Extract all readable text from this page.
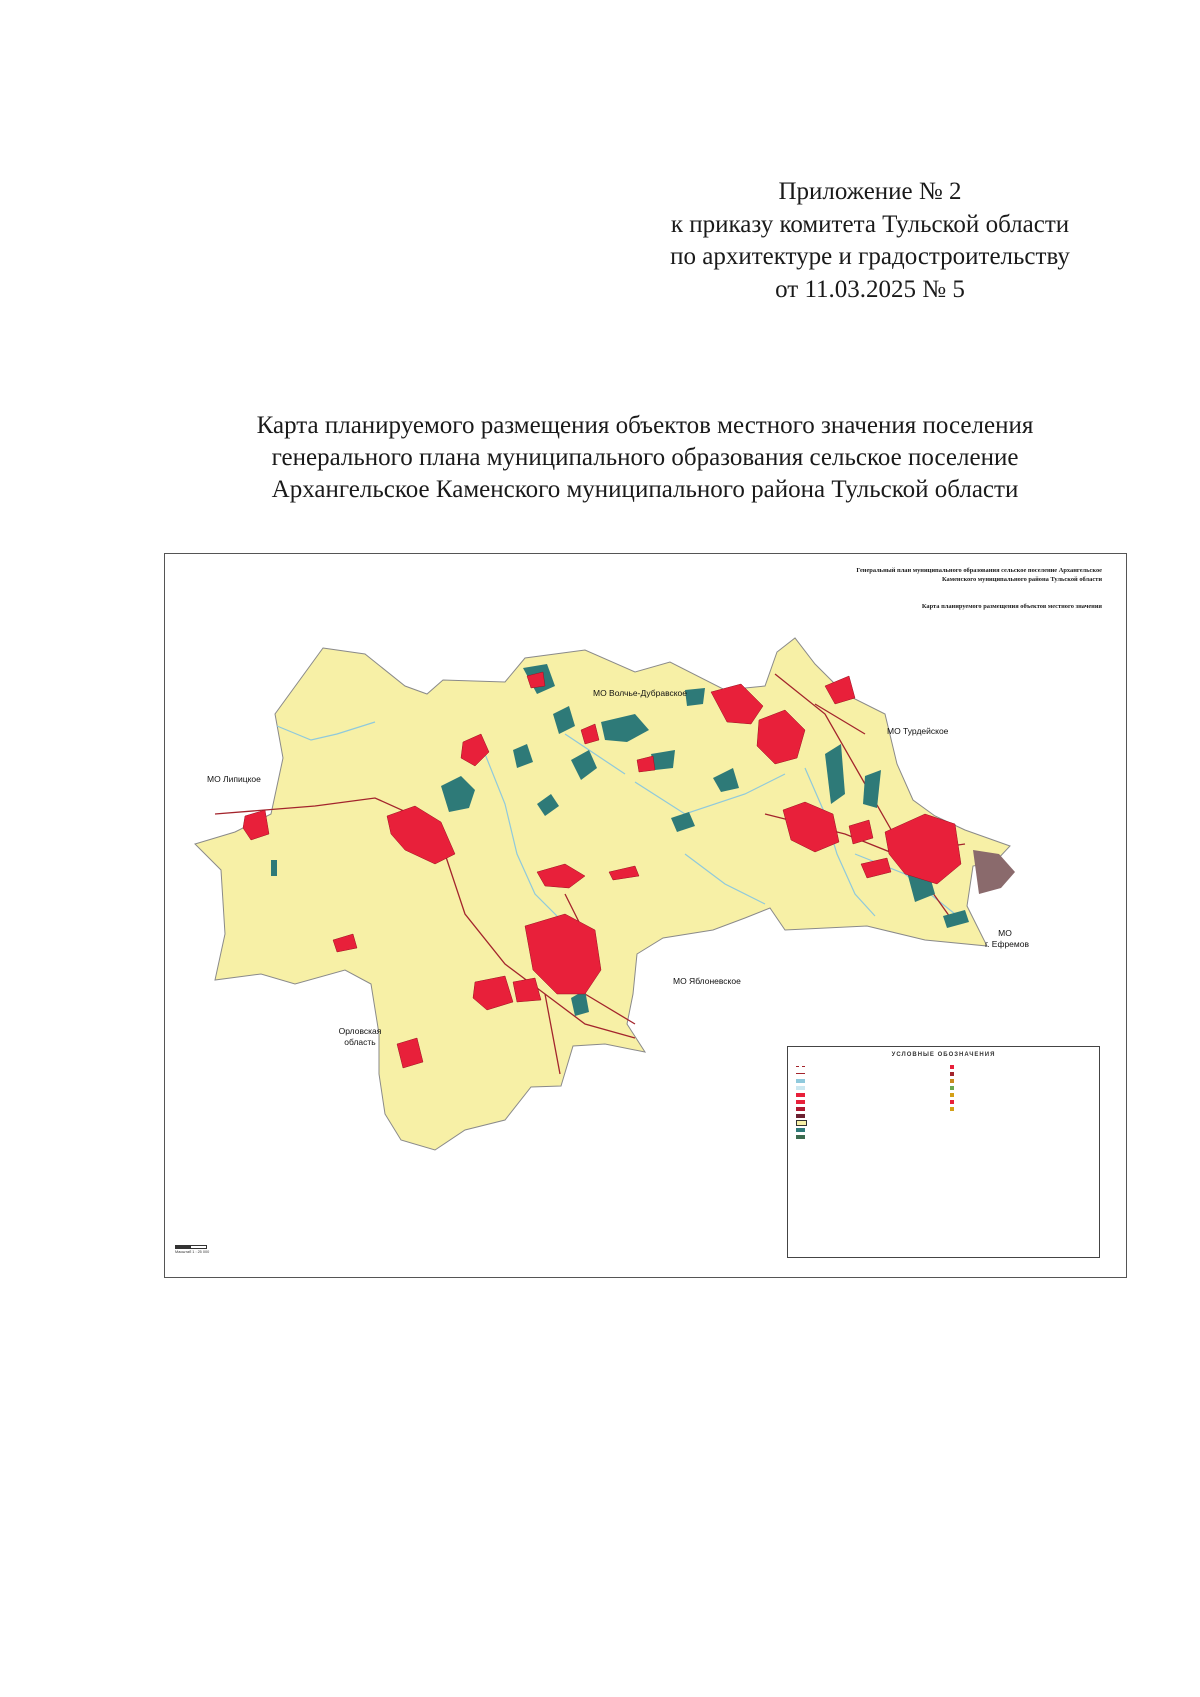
Приложение № 2
к приказу комитета Тульской области
по архитектуре и градостроительству
от 11.03.2025 № 5
Карта планируемого размещения объектов местного значения поселения
генерального плана муниципального образования сельское поселение
Архангельское Каменского муниципального района Тульской области
Генеральный план муниципального образования сельское поселение Архангельское
Каменского муниципального района Тульской области
Карта планируемого размещения объектов местного значения
МО Волчье-Дубравское
МО Турдейское
МО Липицкое
МО
г. Ефремов
МО Яблоневское
Орловская
область
УСЛОВНЫЕ ОБОЗНАЧЕНИЯ
Масштаб 1 : 25 000
